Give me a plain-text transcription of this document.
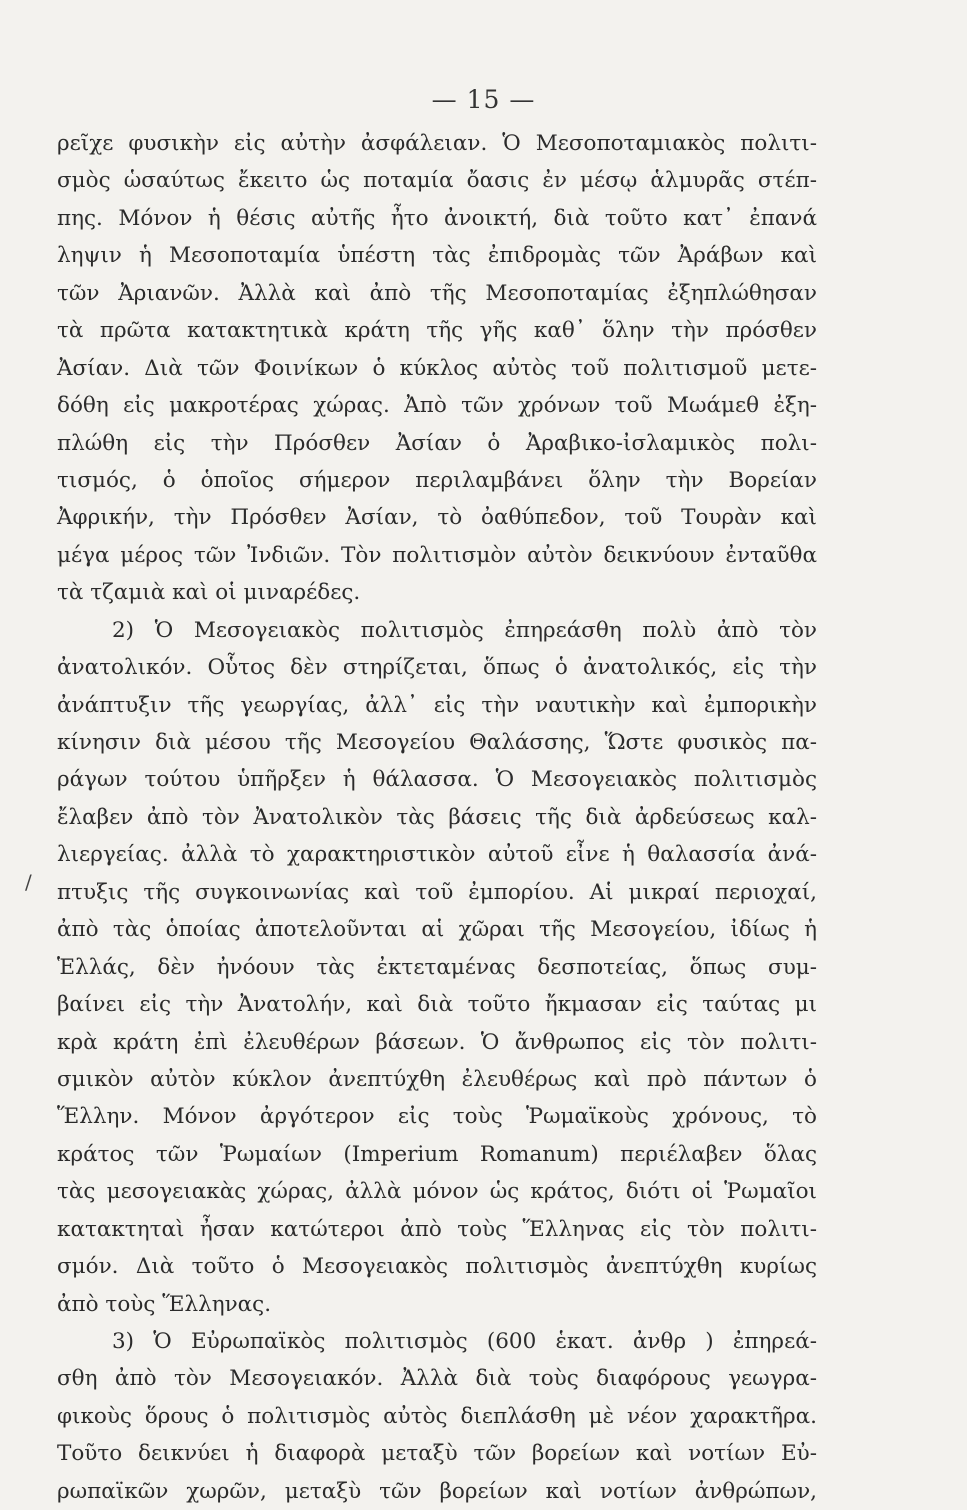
— 15 —
/
ρεῖχε φυσικὴν εἰς αὐτὴν ἀσφάλειαν. Ὁ Μεσοποταμιακὸς πολιτι-
σμὸς ὡσαύτως ἔκειτο ὡς ποταμία ὄασις ἐν μέσῳ ἁλμυρᾶς στέπ-
πης. Μόνον ἡ θέσις αὐτῆς ἦτο ἀνοικτή, διὰ τοῦτο κατ᾽ ἐπανά
ληψιν ἡ Μεσοποταμία ὑπέστη τὰς ἐπιδρομὰς τῶν Ἀράβων καὶ
τῶν Ἀριανῶν. Ἀλλὰ καὶ ἀπὸ τῆς Μεσοποταμίας ἐξηπλώθησαν
τὰ πρῶτα κατακτητικὰ κράτη τῆς γῆς καθ᾽ ὅλην τὴν πρόσθεν
Ἀσίαν. Διὰ τῶν Φοινίκων ὁ κύκλος αὐτὸς τοῦ πολιτισμοῦ μετε-
δόθη εἰς μακροτέρας χώρας. Ἀπὸ τῶν χρόνων τοῦ Μωάμεθ ἐξη-
πλώθη εἰς τὴν Πρόσθεν Ἀσίαν ὁ Ἀραβικο-ἰσλαμικὸς πολι-
τισμός, ὁ ὁποῖος σήμερον περιλαμβάνει ὅλην τὴν Βορείαν
Ἀφρικήν, τὴν Πρόσθεν Ἀσίαν, τὸ ὀαθύπεδον, τοῦ Τουρὰν καὶ
μέγα μέρος τῶν Ἰνδιῶν. Τὸν πολιτισμὸν αὐτὸν δεικνύουν ἐνταῦθα
τὰ τζαμιὰ καὶ οἱ μιναρέδες.
2) Ὁ Μεσογειακὸς πολιτισμὸς ἐπηρεάσθη πολὺ ἀπὸ τὸν
ἀνατολικόν. Οὗτος δὲν στηρίζεται, ὅπως ὁ ἀνατολικός, εἰς τὴν
ἀνάπτυξιν τῆς γεωργίας, ἀλλ᾽ εἰς τὴν ναυτικὴν καὶ ἐμπορικὴν
κίνησιν διὰ μέσου τῆς Μεσογείου Θαλάσσης, Ὥστε φυσικὸς πα-
ράγων τούτου ὑπῆρξεν ἡ θάλασσα. Ὁ Μεσογειακὸς πολιτισμὸς
ἔλαβεν ἀπὸ τὸν Ἀνατολικὸν τὰς βάσεις τῆς διὰ ἀρδεύσεως καλ-
λιεργείας. ἀλλὰ τὸ χαρακτηριστικὸν αὐτοῦ εἶνε ἡ θαλασσία ἀνά-
πτυξις τῆς συγκοινωνίας καὶ τοῦ ἐμπορίου. Αἱ μικραί περιοχαί,
ἀπὸ τὰς ὁποίας ἀποτελοῦνται αἱ χῶραι τῆς Μεσογείου, ἰδίως ἡ
Ἑλλάς, δὲν ἠνόουν τὰς ἐκτεταμένας δεσποτείας, ὅπως συμ-
βαίνει εἰς τὴν Ἀνατολήν, καὶ διὰ τοῦτο ἤκμασαν εἰς ταύτας μι
κρὰ κράτη ἐπὶ ἐλευθέρων βάσεων. Ὁ ἄνθρωπος εἰς τὸν πολιτι-
σμικὸν αὐτὸν κύκλον ἀνεπτύχθη ἐλευθέρως καὶ πρὸ πάντων ὁ
Ἕλλην. Μόνον ἀργότερον εἰς τοὺς Ῥωμαϊκοὺς χρόνους, τὸ
κράτος τῶν Ῥωμαίων (Imperium Romanum) περιέλαβεν ὅλας
τὰς μεσογειακὰς χώρας, ἀλλὰ μόνον ὡς κράτος, διότι οἱ Ῥωμαῖοι
κατακτηταὶ ἦσαν κατώτεροι ἀπὸ τοὺς Ἕλληνας εἰς τὸν πολιτι-
σμόν. Διὰ τοῦτο ὁ Μεσογειακὸς πολιτισμὸς ἀνεπτύχθη κυρίως
ἀπὸ τοὺς Ἕλληνας.
3) Ὁ Εὐρωπαϊκὸς πολιτισμὸς (600 ἑκατ. ἀνθρ ) ἐπηρεά-
σθη ἀπὸ τὸν Μεσογειακόν. Ἀλλὰ διὰ τοὺς διαφόρους γεωγρα-
φικοὺς ὅρους ὁ πολιτισμὸς αὐτὸς διεπλάσθη μὲ νέον χαρακτῆρα.
Τοῦτο δεικνύει ἡ διαφορὰ μεταξὺ τῶν βορείων καὶ νοτίων Εὐ-
ρωπαϊκῶν χωρῶν, μεταξὺ τῶν βορείων καὶ νοτίων ἀνθρώπων,
